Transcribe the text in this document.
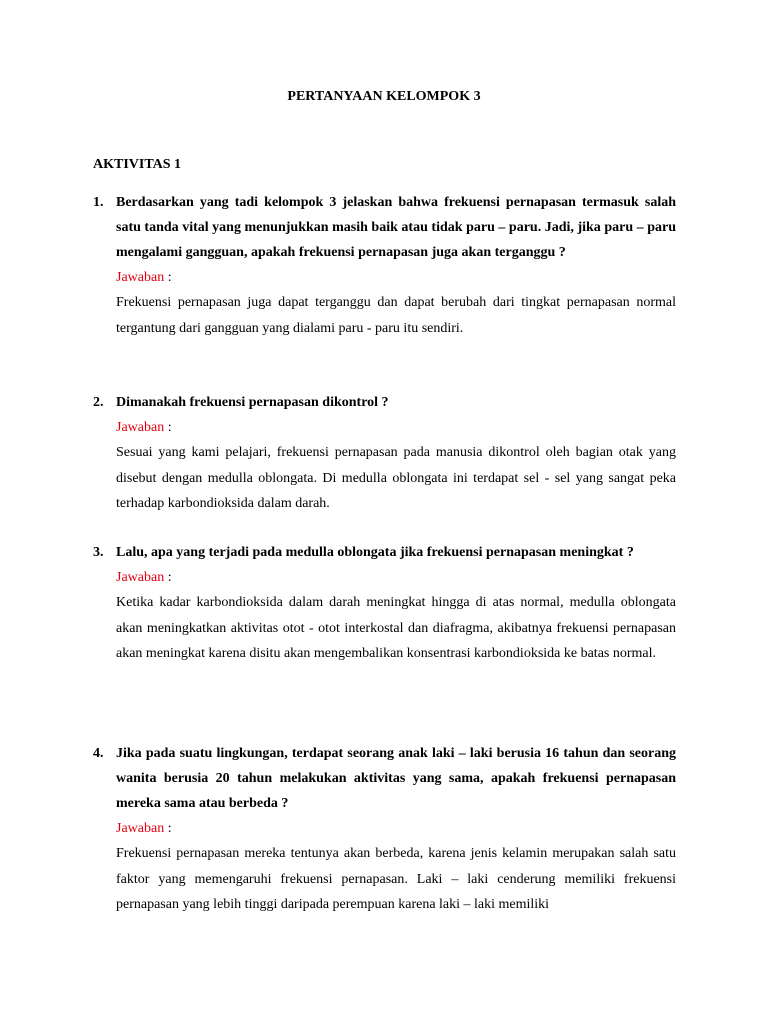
PERTANYAAN KELOMPOK 3
AKTIVITAS 1
1. Berdasarkan yang tadi kelompok 3 jelaskan bahwa frekuensi pernapasan termasuk salah satu tanda vital yang menunjukkan masih baik atau tidak paru – paru. Jadi, jika paru – paru mengalami gangguan, apakah frekuensi pernapasan juga akan terganggu ?

Jawaban :

Frekuensi pernapasan juga dapat terganggu dan dapat berubah dari tingkat pernapasan normal tergantung dari gangguan yang dialami paru - paru itu sendiri.

2. Dimanakah frekuensi pernapasan dikontrol ?

Jawaban :

Sesuai yang kami pelajari, frekuensi pernapasan pada manusia dikontrol oleh bagian otak yang disebut dengan medulla oblongata. Di medulla oblongata ini terdapat sel - sel yang sangat peka terhadap karbondioksida dalam darah.

3. Lalu, apa yang terjadi pada medulla oblongata jika frekuensi pernapasan meningkat ?

Jawaban :

Ketika kadar karbondioksida dalam darah meningkat hingga di atas normal, medulla oblongata akan meningkatkan aktivitas otot - otot interkostal dan diafragma, akibatnya frekuensi pernapasan akan meningkat karena disitu akan mengembalikan konsentrasi karbondioksida ke batas normal.

4. Jika pada suatu lingkungan, terdapat seorang anak laki – laki berusia 16 tahun dan seorang wanita berusia 20 tahun melakukan aktivitas yang sama, apakah frekuensi pernapasan mereka sama atau berbeda ?

Jawaban :

Frekuensi pernapasan mereka tentunya akan berbeda, karena jenis kelamin merupakan salah satu faktor yang memengaruhi frekuensi pernapasan. Laki – laki cenderung memiliki frekuensi pernapasan yang lebih tinggi daripada perempuan karena laki – laki memiliki
